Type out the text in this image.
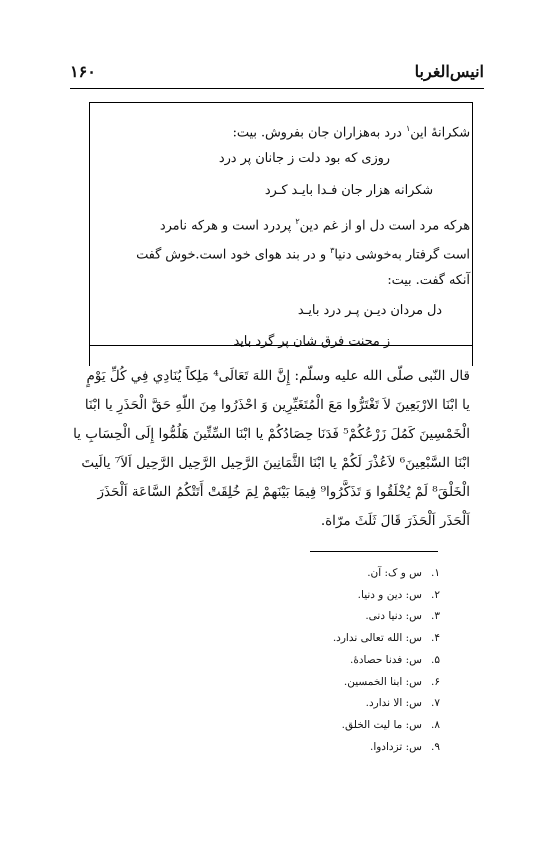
انیس‌الغربا
۱۶۰
شکرانهٔ این$^۱$ درد به‌هزاران جان بفروش. بیت:
روزی که بود دلت ز جانان پر درد
شکرانه هزار جان فـدا بایـد کـرد
هرکه مرد است دل او از غم دین$^۲$ پردرد است و هرکه نامرد
است گرفتار به‌خوشی دنیا$^۳$ و در بند هوای خود است.خوش گفت
آنکه گفت. بیت:
دل مردان دیـن پـر درد بایـد
ز محنت فرق شان پر گرد باید
قال النّبی صلّی الله علیه وسلّم: إِنَّ اللهَ تَعَالَى⁴ مَلِكاً يُنَادِي فِي كُلِّ يَوْمٍ
يا ابْنَا الارْبَعِينَ لاَ تَغْتَرُّوا مَعَ الْمُتَغَيِّرِين وَ احْذَرُوا مِنَ اللّهِ حَقَّ الْحَذَرِ يا ابْنَا
الْخَمْسِينَ كَمُلَ زَرْعُكُمْ⁵ فَدَنَا حِصَادُكُمْ يا ابْنَا السِّتِّينَ هَلُمُّوا إِلَى الْحِسَابِ يا
ابْنَا السَّبْعِينَ⁶ لاَعُذْرَ لَكُمْ يا ابْنَا الثَّمَانِينَ الرَّحِيل الرَّحِيل الرَّحِيل اَلاَ⁷ يالَيتَ
الْخَلْقَ⁸ لَمْ يُخْلَقُوا وَ تَذَكَّرُوا⁹ فِيمَا بَيْنَهمْ لِمَ خُلِقَتْ أَتَتْكُمُ السَّاعَة اَلْحَذَرَ
اَلْحَذَر اَلْحَذَرَ قَالَ ثَلَثَ مرّاة.
۱.س و ک: آن.
۲.س: دین و دنیا.
۳.س: دنیا دنی.
۴.س: الله تعالی ندارد.
۵.س: فدنا حصادهٔ.
۶.س: ابنا الخمسین.
۷.س: الا ندارد.
۸.س: ما لیت الخلق.
۹.س: تزدادوا.
